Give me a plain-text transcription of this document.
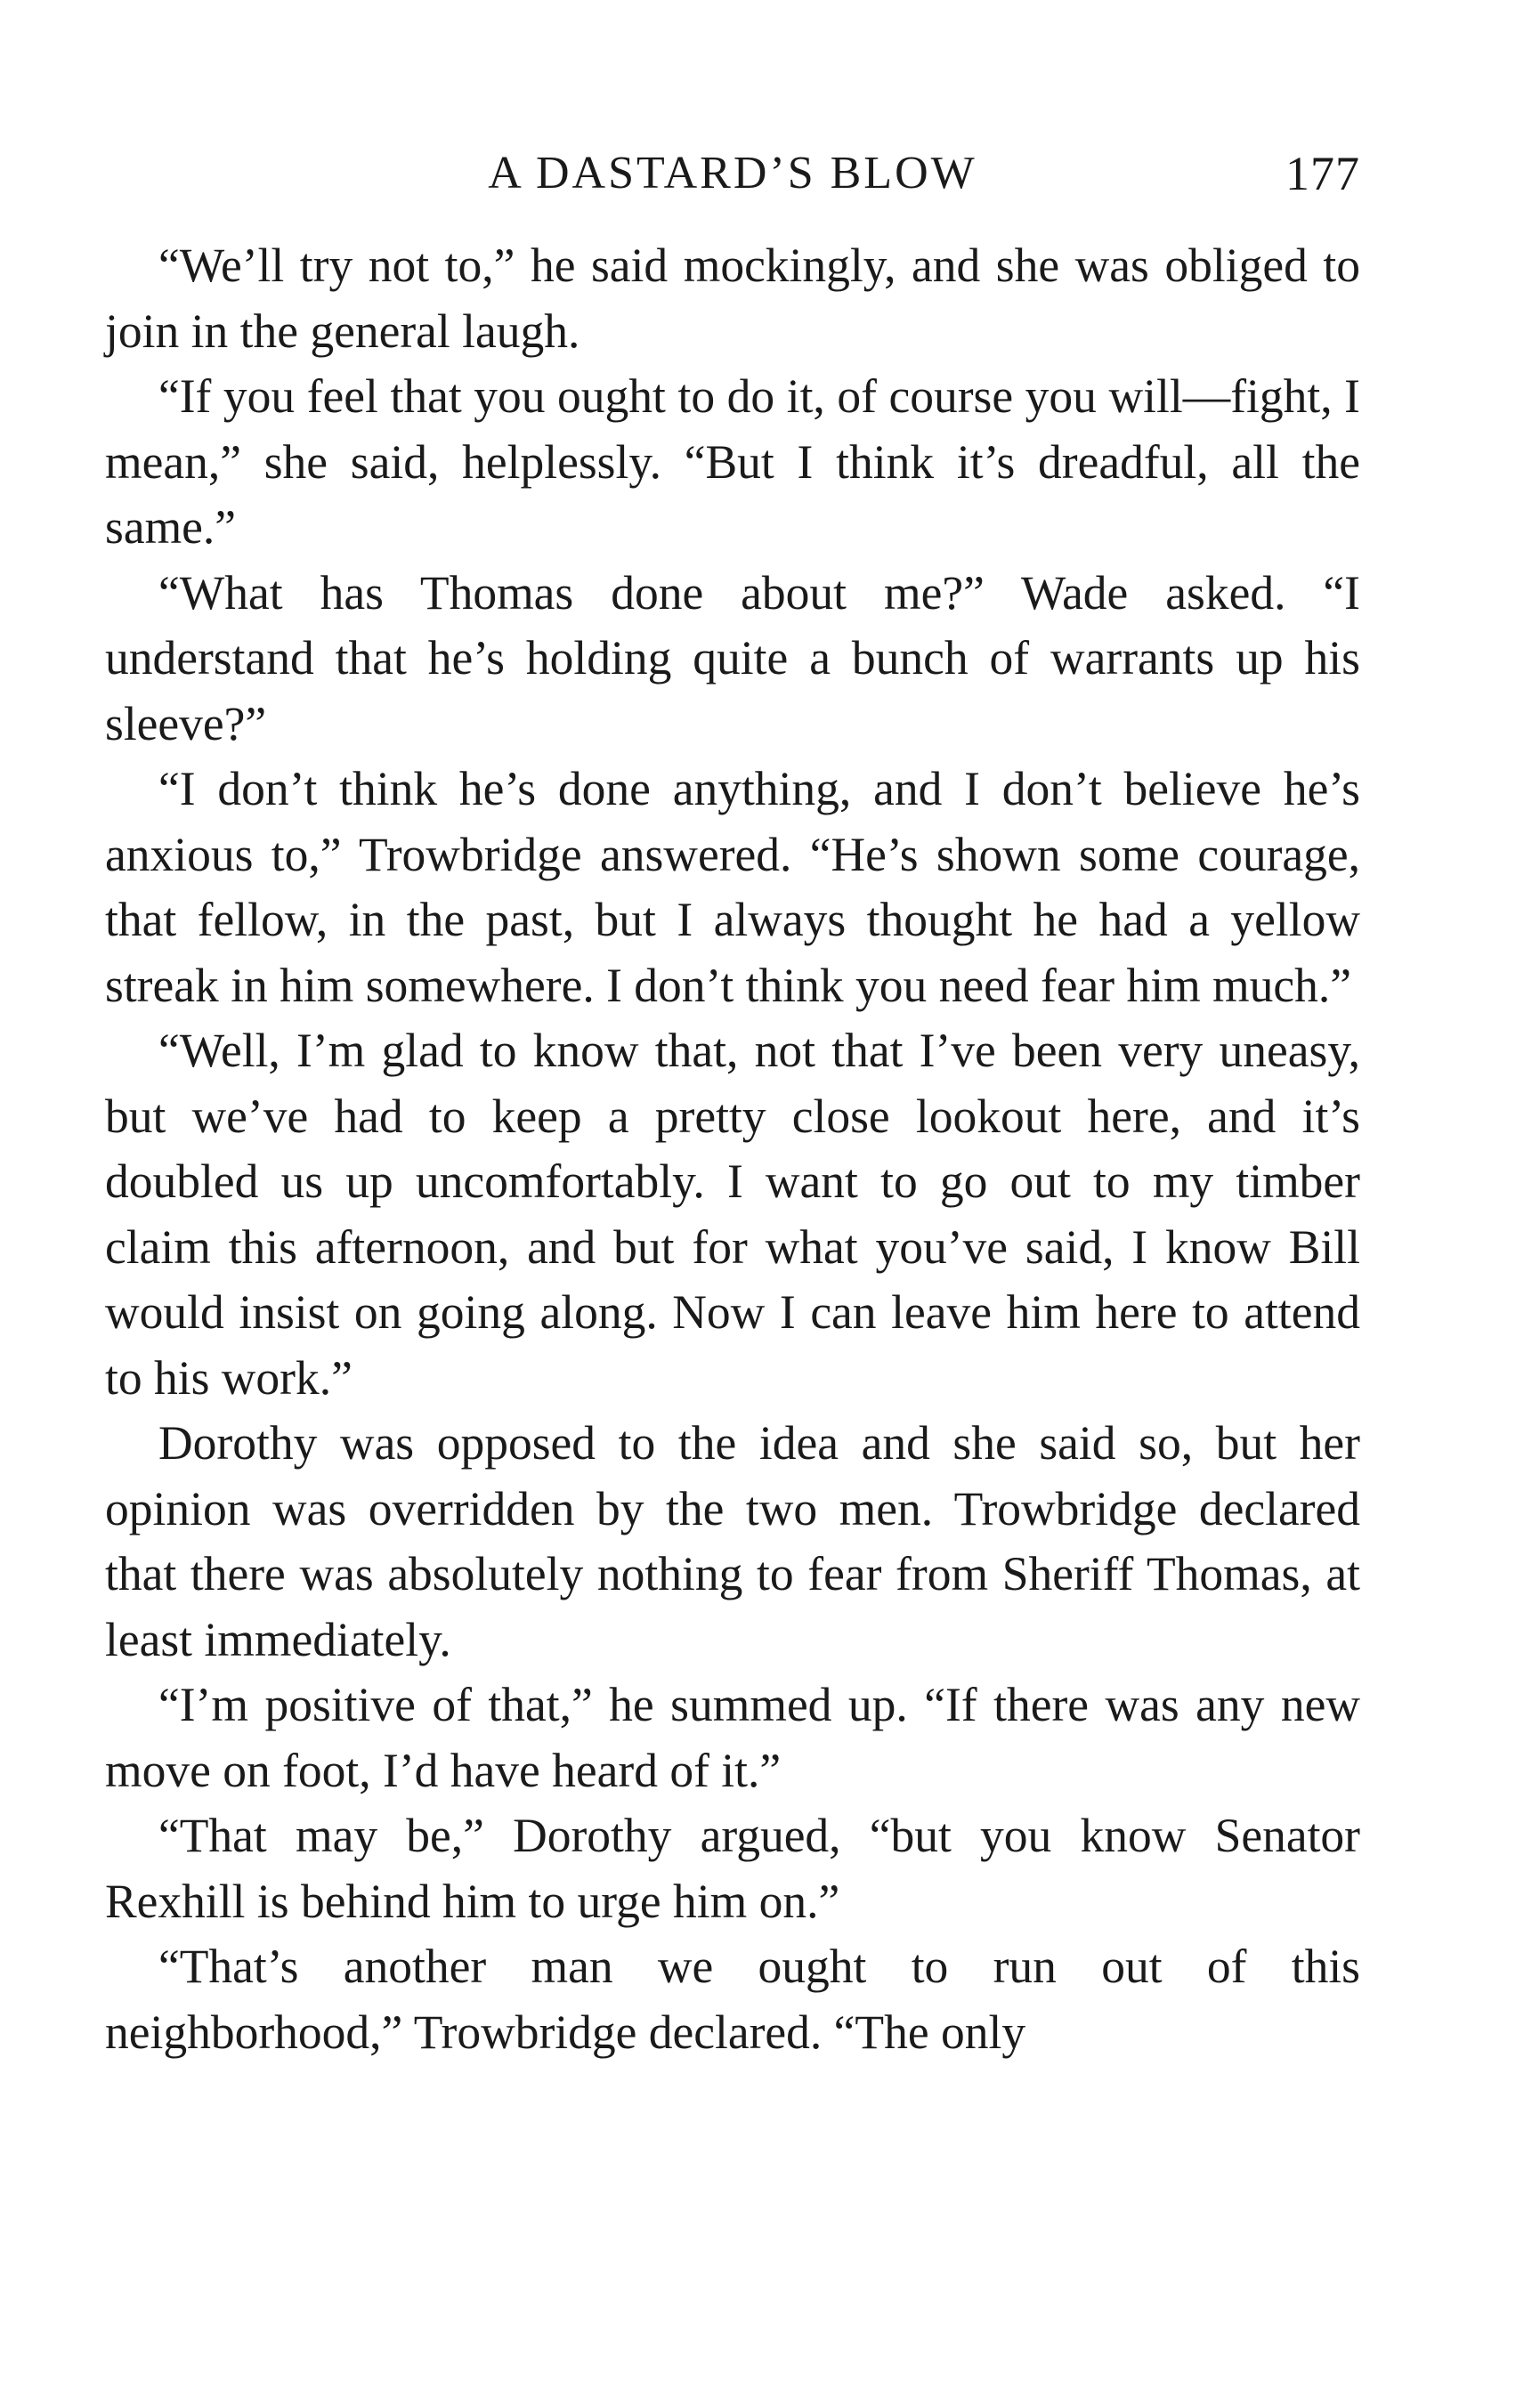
A DASTARD’S BLOW	177

“We’ll try not to,” he said mockingly, and she was obliged to join in the general laugh.

“If you feel that you ought to do it, of course you will—fight, I mean,” she said, helplessly. “But I think it’s dreadful, all the same.”

“What has Thomas done about me?” Wade asked. “I understand that he’s holding quite a bunch of warrants up his sleeve?”

“I don’t think he’s done anything, and I don’t believe he’s anxious to,” Trowbridge answered. “He’s shown some courage, that fellow, in the past, but I always thought he had a yellow streak in him somewhere. I don’t think you need fear him much.”

“Well, I’m glad to know that, not that I’ve been very uneasy, but we’ve had to keep a pretty close lookout here, and it’s doubled us up uncomfortably. I want to go out to my timber claim this afternoon, and but for what you’ve said, I know Bill would insist on going along. Now I can leave him here to attend to his work.”

Dorothy was opposed to the idea and she said so, but her opinion was overridden by the two men. Trowbridge declared that there was absolutely nothing to fear from Sheriff Thomas, at least immediately.

“I’m positive of that,” he summed up. “If there was any new move on foot, I’d have heard of it.”

“That may be,” Dorothy argued, “but you know Senator Rexhill is behind him to urge him on.”

“That’s another man we ought to run out of this neighborhood,” Trowbridge declared. “The only
